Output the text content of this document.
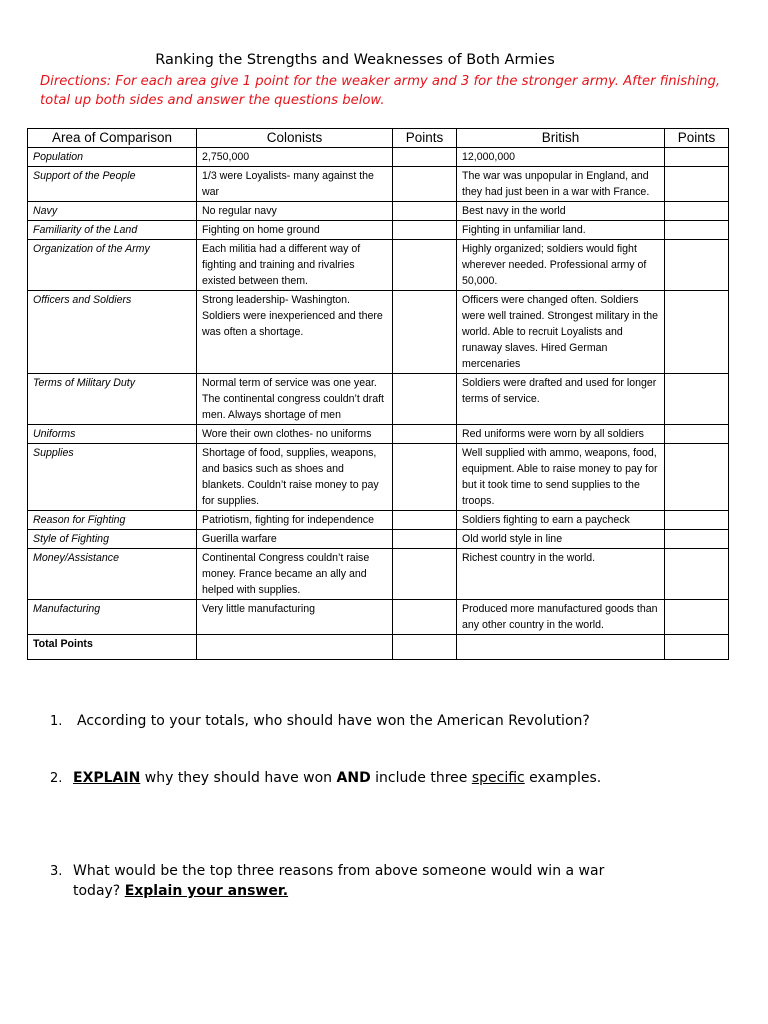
Ranking the Strengths and Weaknesses of Both Armies

Directions: For each area give 1 point for the weaker army and 3 for the stronger army. After finishing, total up both sides and answer the questions below.

Area of Comparison	Colonists	Points	British	Points
Population	2,750,000		12,000,000	
Support of the People	1/3 were Loyalists- many against the war		The war was unpopular in England, and they had just been in a war with France.	
Navy	No regular navy		Best navy in the world	
Familiarity of the Land	Fighting on home ground		Fighting in unfamiliar land.	
Organization of the Army	Each militia had a different way of fighting and training and rivalries existed between them.		Highly organized; soldiers would fight wherever needed. Professional army of 50,000.	
Officers and Soldiers	Strong leadership- Washington. Soldiers were inexperienced and there was often a shortage.		Officers were changed often. Soldiers were well trained. Strongest military in the world. Able to recruit Loyalists and runaway slaves. Hired German mercenaries	
Terms of Military Duty	Normal term of service was one year. The continental congress couldn’t draft men. Always shortage of men		Soldiers were drafted and used for longer terms of service.	
Uniforms	Wore their own clothes- no uniforms		Red uniforms were worn by all soldiers	
Supplies	Shortage of food, supplies, weapons, and basics such as shoes and blankets. Couldn’t raise money to pay for supplies.		Well supplied with ammo, weapons, food, equipment. Able to raise money to pay for but it took time to send supplies to the troops.	
Reason for Fighting	Patriotism, fighting for independence		Soldiers fighting to earn a paycheck	
Style of Fighting	Guerilla warfare		Old world style in line	
Money/Assistance	Continental Congress couldn’t raise money. France became an ally and helped with supplies.		Richest country in the world.	
Manufacturing	Very little manufacturing		Produced more manufactured goods than any other country in the world.	
Total Points				
1. According to your totals, who should have won the American Revolution?
2. EXPLAIN why they should have won AND include three specific examples.
3. What would be the top three reasons from above someone would win a war
today? Explain your answer.
